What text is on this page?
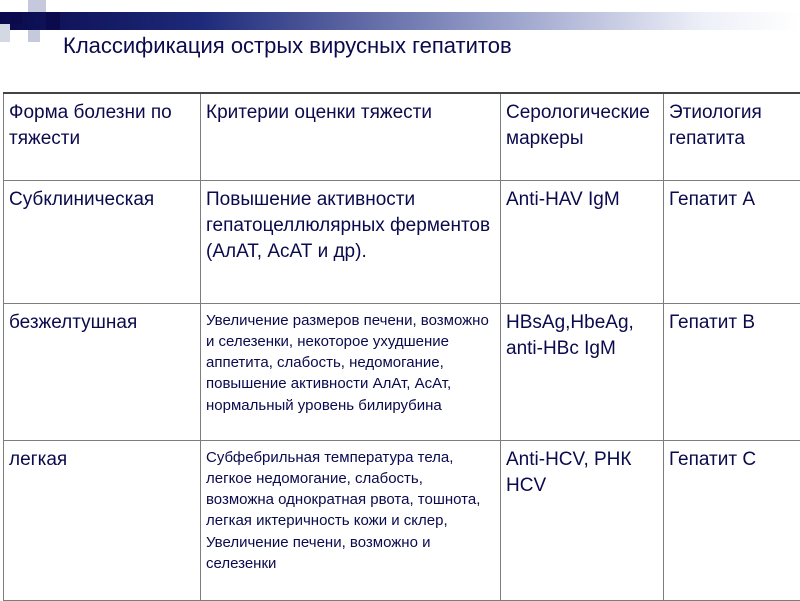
Классификация острых вирусных гепатитов
Форма болезни по тяжести	Критерии оценки тяжести	Серологические маркеры	Этиология гепатита
Субклиническая	Повышение активности гепатоцеллюлярных ферментов (АлАТ, АсАТ и др).	Anti-HAV IgM	Гепатит А
безжелтушная	Увеличение размеров печени, возможно и селезенки, некоторое ухудшение аппетита, слабость, недомогание, повышение активности АлАт, АсАт, нормальный уровень билирубина	HBsAg,HbeAg, anti-HBc IgM	Гепатит В
легкая	Субфебрильная температура тела, легкое недомогание, слабость, возможна однократная рвота, тошнота, легкая иктеричность кожи и склер, Увеличение печени, возможно и селезенки	Anti-HCV, РНК HCV	Гепатит С
